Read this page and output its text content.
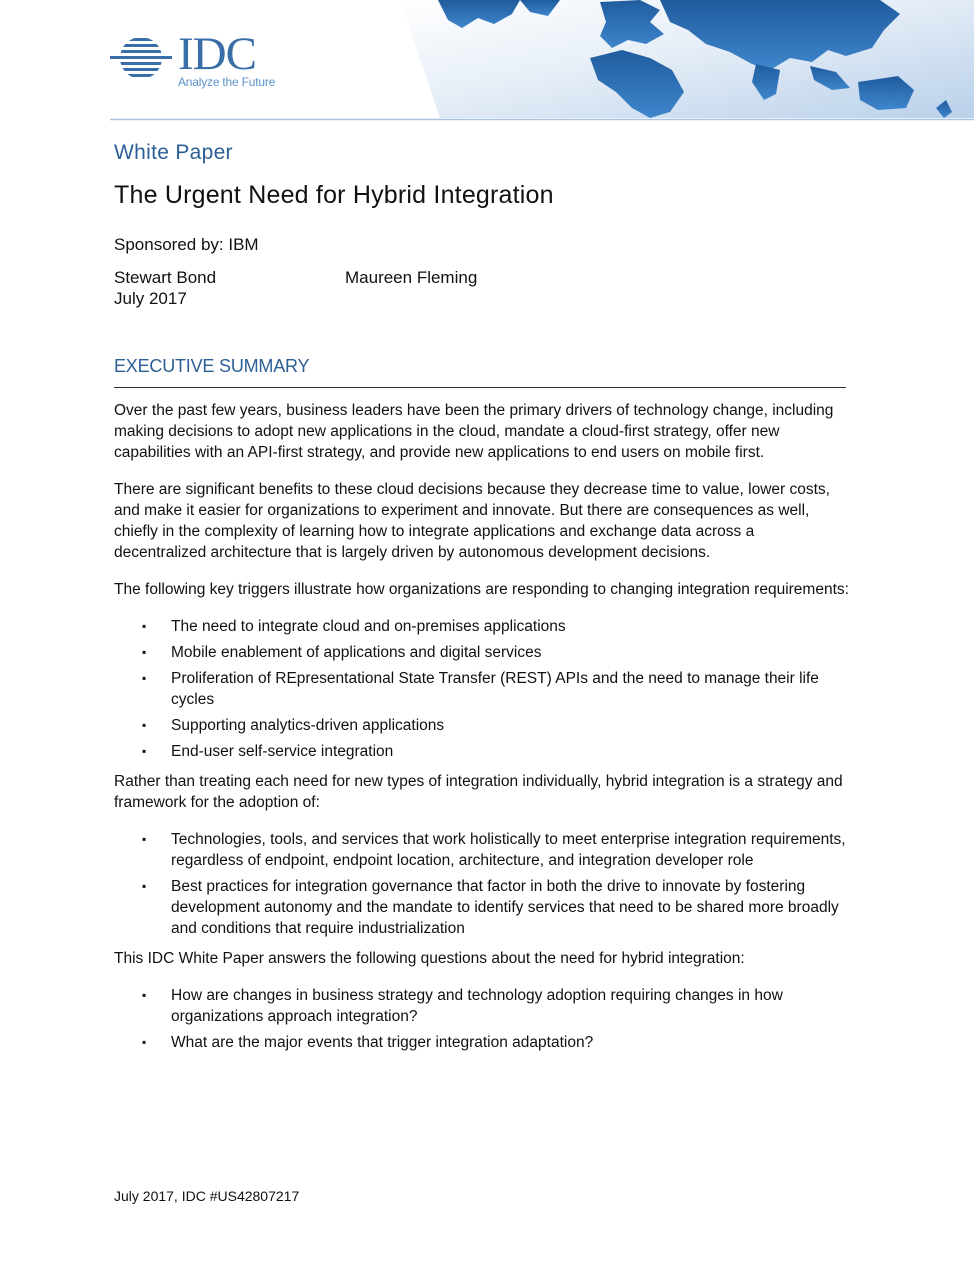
IDC
Analyze the Future
White Paper
The Urgent Need for Hybrid Integration
Sponsored by: IBM
Stewart Bond	Maureen Fleming
July 2017
EXECUTIVE SUMMARY

Over the past few years, business leaders have been the primary drivers of technology change, including making decisions to adopt new applications in the cloud, mandate a cloud-first strategy, offer new capabilities with an API-first strategy, and provide new applications to end users on mobile first.

There are significant benefits to these cloud decisions because they decrease time to value, lower costs, and make it easier for organizations to experiment and innovate. But there are consequences as well, chiefly in the complexity of learning how to integrate applications and exchange data across a decentralized architecture that is largely driven by autonomous development decisions.

The following key triggers illustrate how organizations are responding to changing integration requirements:

▪ The need to integrate cloud and on-premises applications
▪ Mobile enablement of applications and digital services
▪ Proliferation of REpresentational State Transfer (REST) APIs and the need to manage their life cycles
▪ Supporting analytics-driven applications
▪ End-user self-service integration

Rather than treating each need for new types of integration individually, hybrid integration is a strategy and framework for the adoption of:

▪ Technologies, tools, and services that work holistically to meet enterprise integration requirements, regardless of endpoint, endpoint location, architecture, and integration developer role
▪ Best practices for integration governance that factor in both the drive to innovate by fostering development autonomy and the mandate to identify services that need to be shared more broadly and conditions that require industrialization

This IDC White Paper answers the following questions about the need for hybrid integration:

▪ How are changes in business strategy and technology adoption requiring changes in how organizations approach integration?
▪ What are the major events that trigger integration adaptation?
July 2017, IDC #US42807217
